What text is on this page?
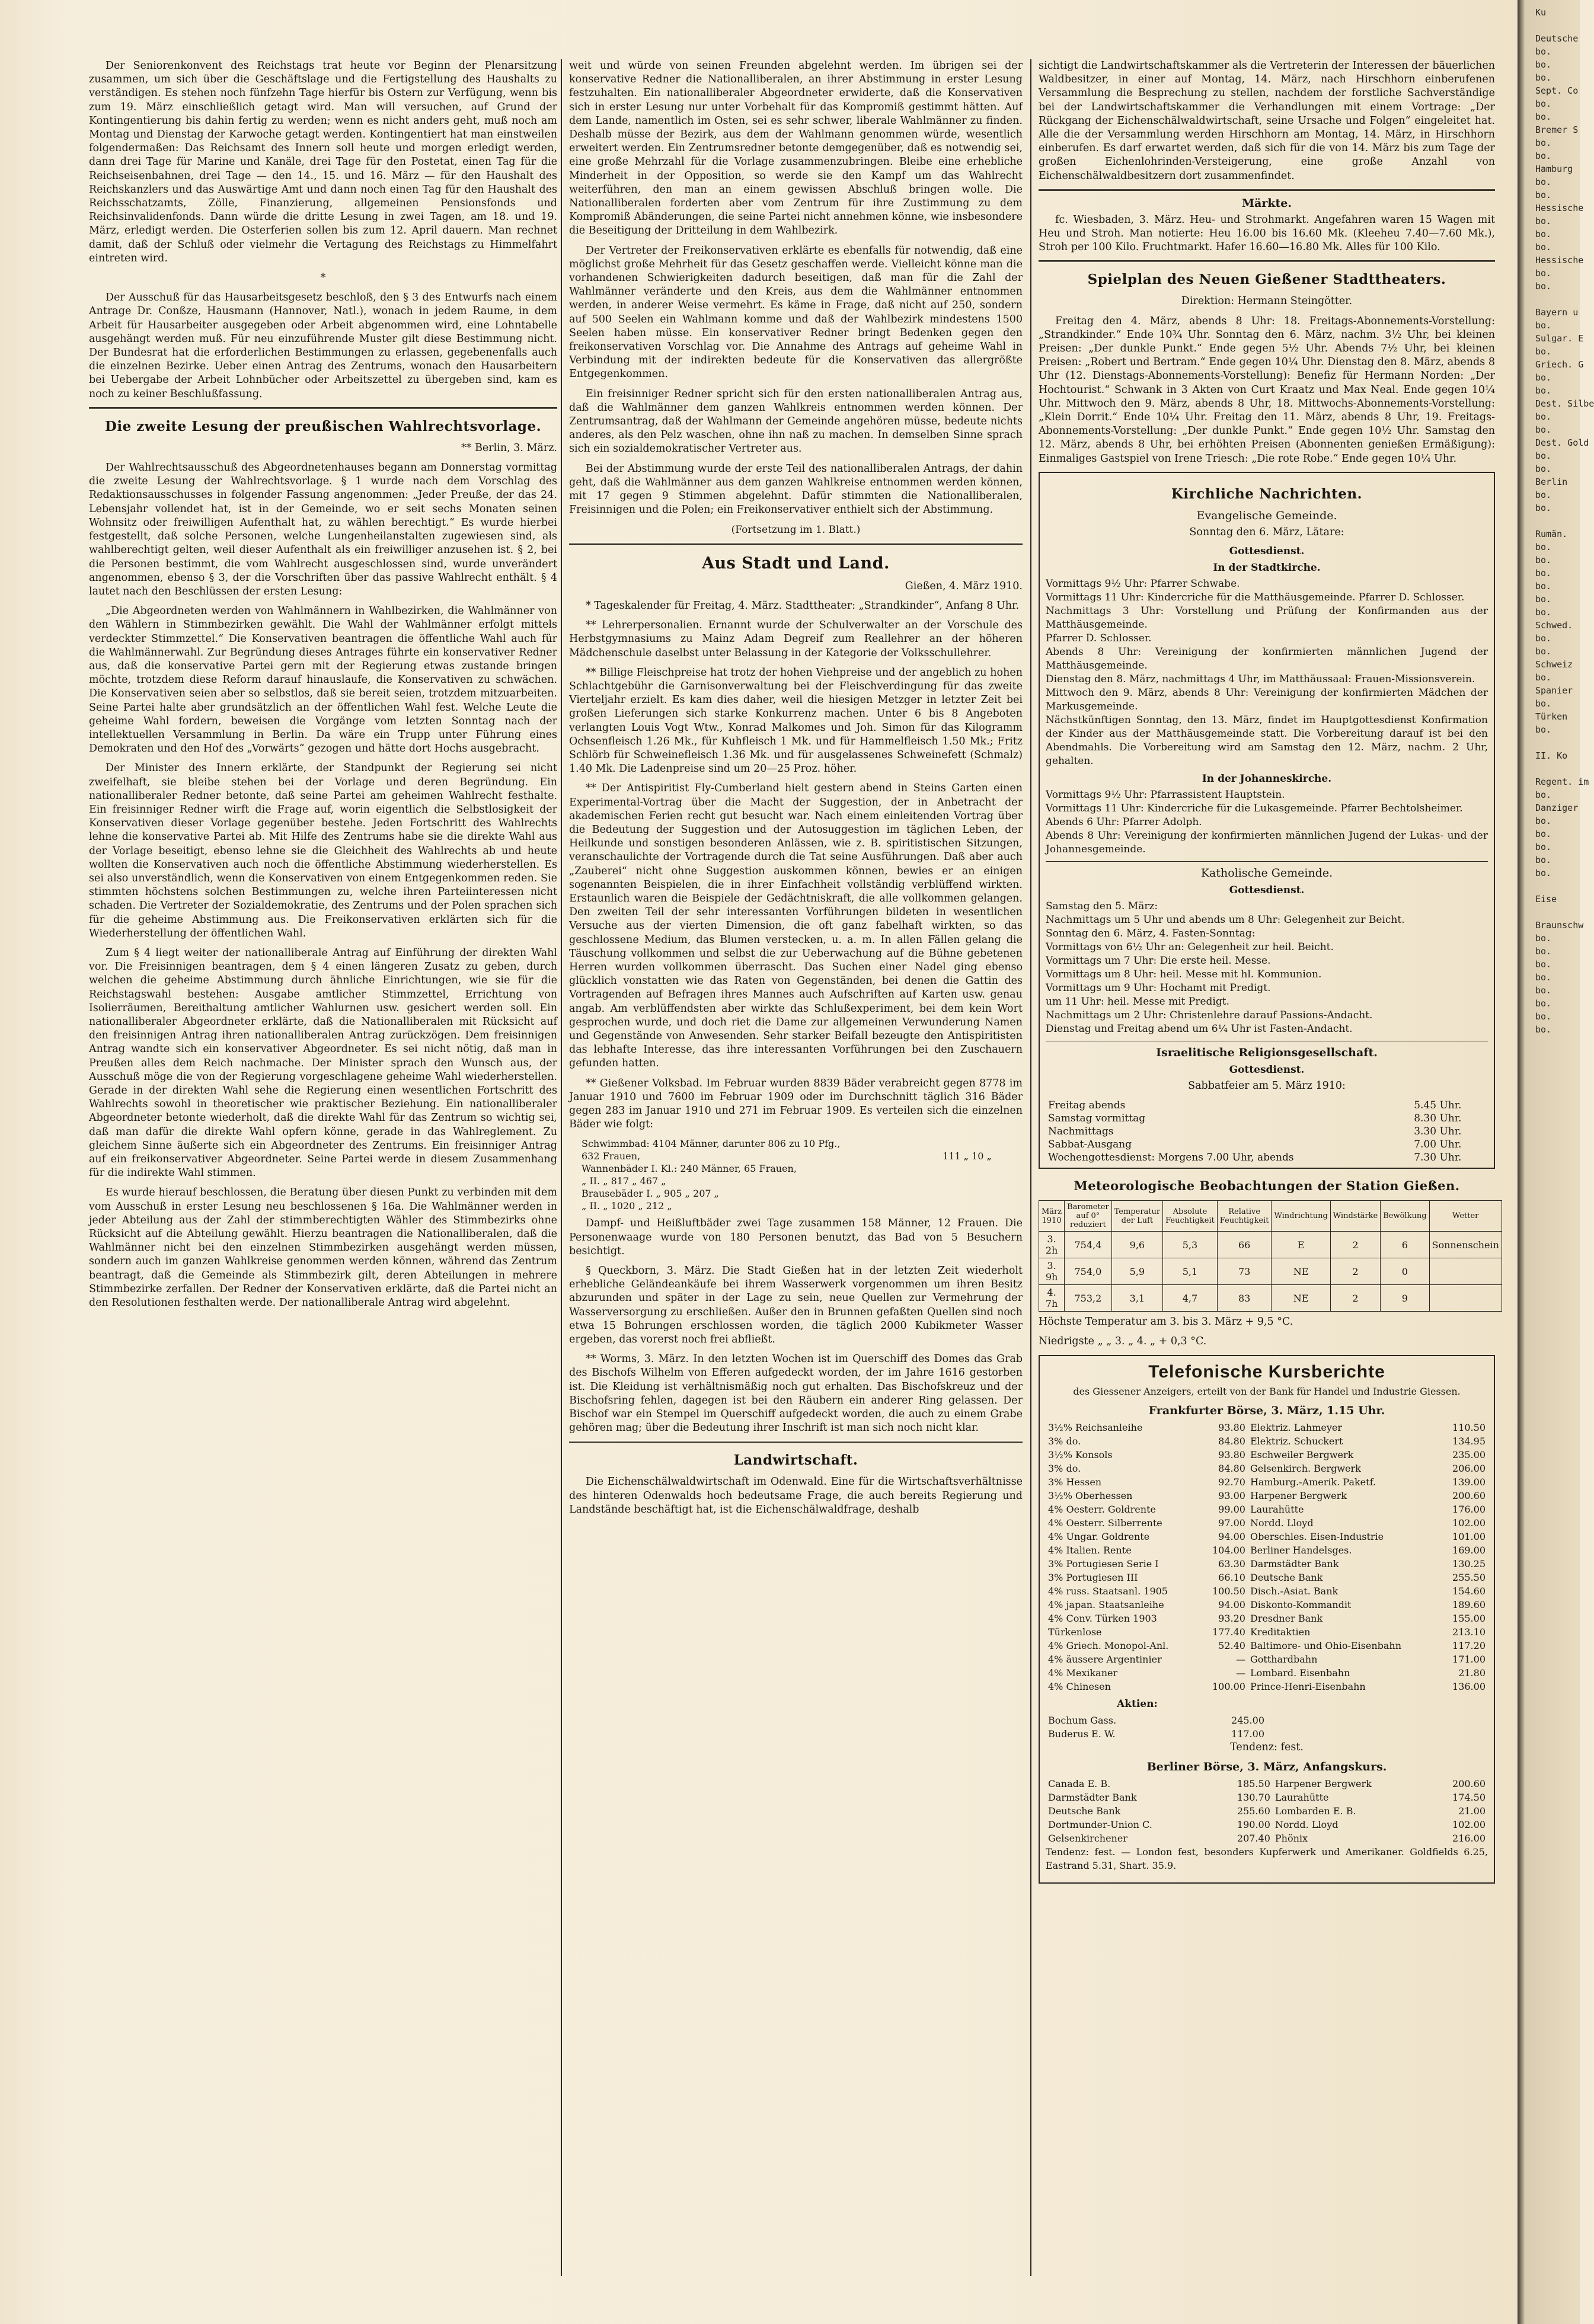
Der Seniorenkonvent des Reichstags trat heute vor Beginn der Plenarsitzung zusammen, um sich über die Geschäftslage und die Fertigstellung des Haushalts zu verständigen. Es stehen noch fünfzehn Tage hierfür bis Ostern zur Verfügung, wenn bis zum 19. März einschließlich getagt wird. Man will versuchen, auf Grund der Kontingentierung bis dahin fertig zu werden; wenn es nicht anders geht, muß noch am Montag und Dienstag der Karwoche getagt werden. Kontingentiert hat man einstweilen folgendermaßen: Das Reichsamt des Innern soll heute und morgen erledigt werden, dann drei Tage für Marine und Kanäle, drei Tage für den Postetat, einen Tag für die Reichseisenbahnen, drei Tage — den 14., 15. und 16. März — für den Haushalt des Reichskanzlers und das Auswärtige Amt und dann noch einen Tag für den Haushalt des Reichsschatzamts, Zölle, Finanzierung, allgemeinen Pensionsfonds und Reichsinvalidenfonds. Dann würde die dritte Lesung in zwei Tagen, am 18. und 19. März, erledigt werden. Die Osterferien sollen bis zum 12. April dauern. Man rechnet damit, daß der Schluß oder vielmehr die Vertagung des Reichstags zu Himmelfahrt eintreten wird.

*

Der Ausschuß für das Hausarbeitsgesetz beschloß, den § 3 des Entwurfs nach einem Antrage Dr. Conßze, Hausmann (Hannover, Natl.), wonach in jedem Raume, in dem Arbeit für Hausarbeiter ausgegeben oder Arbeit abgenommen wird, eine Lohntabelle ausgehängt werden muß. Für neu einzuführende Muster gilt diese Bestimmung nicht. Der Bundesrat hat die erforderlichen Bestimmungen zu erlassen, gegebenenfalls auch die einzelnen Bezirke. Ueber einen Antrag des Zentrums, wonach den Hausarbeitern bei Uebergabe der Arbeit Lohnbücher oder Arbeitszettel zu übergeben sind, kam es noch zu keiner Beschlußfassung.

Die zweite Lesung der preußischen Wahlrechtsvorlage.

** Berlin, 3. März.

Der Wahlrechtsausschuß des Abgeordnetenhauses begann am Donnerstag vormittag die zweite Lesung der Wahlrechtsvorlage. § 1 wurde nach dem Vorschlag des Redaktionsausschusses in folgender Fassung angenommen: „Jeder Preuße, der das 24. Lebensjahr vollendet hat, ist in der Gemeinde, wo er seit sechs Monaten seinen Wohnsitz oder freiwilligen Aufenthalt hat, zu wählen berechtigt.“ Es wurde hierbei festgestellt, daß solche Personen, welche Lungenheilanstalten zugewiesen sind, als wahlberechtigt gelten, weil dieser Aufenthalt als ein freiwilliger anzusehen ist. § 2, bei die Personen bestimmt, die vom Wahlrecht ausgeschlossen sind, wurde unverändert angenommen, ebenso § 3, der die Vorschriften über das passive Wahlrecht enthält. § 4 lautet nach den Beschlüssen der ersten Lesung:

„Die Abgeordneten werden von Wahlmännern in Wahlbezirken, die Wahlmänner von den Wählern in Stimmbezirken gewählt. Die Wahl der Wahlmänner erfolgt mittels verdeckter Stimmzettel.“ Die Konservativen beantragen die öffentliche Wahl auch für die Wahlmännerwahl. Zur Begründung dieses Antrages führte ein konservativer Redner aus, daß die konservative Partei gern mit der Regierung etwas zustande bringen möchte, trotzdem diese Reform darauf hinauslaufe, die Konservativen zu schwächen. Die Konservativen seien aber so selbstlos, daß sie bereit seien, trotzdem mitzuarbeiten. Seine Partei halte aber grundsätzlich an der öffentlichen Wahl fest. Welche Leute die geheime Wahl fordern, beweisen die Vorgänge vom letzten Sonntag nach der intellektuellen Versammlung in Berlin. Da wäre ein Trupp unter Führung eines Demokraten und den Hof des „Vorwärts“ gezogen und hätte dort Hochs ausgebracht.

Der Minister des Innern erklärte, der Standpunkt der Regierung sei nicht zweifelhaft, sie bleibe stehen bei der Vorlage und deren Begründung. Ein nationalliberaler Redner betonte, daß seine Partei am geheimen Wahlrecht festhalte. Ein freisinniger Redner wirft die Frage auf, worin eigentlich die Selbstlosigkeit der Konservativen dieser Vorlage gegenüber bestehe. Jeden Fortschritt des Wahlrechts lehne die konservative Partei ab. Mit Hilfe des Zentrums habe sie die direkte Wahl aus der Vorlage beseitigt, ebenso lehne sie die Gleichheit des Wahlrechts ab und heute wollten die Konservativen auch noch die öffentliche Abstimmung wiederherstellen. Es sei also unverständlich, wenn die Konservativen von einem Entgegenkommen reden. Sie stimmten höchstens solchen Bestimmungen zu, welche ihren Parteiinteressen nicht schaden. Die Vertreter der Sozialdemokratie, des Zentrums und der Polen sprachen sich für die geheime Abstimmung aus. Die Freikonservativen erklärten sich für die Wiederherstellung der öffentlichen Wahl.

Zum § 4 liegt weiter der nationalliberale Antrag auf Einführung der direkten Wahl vor. Die Freisinnigen beantragen, dem § 4 einen längeren Zusatz zu geben, durch welchen die geheime Abstimmung durch ähnliche Einrichtungen, wie sie für die Reichstagswahl bestehen: Ausgabe amtlicher Stimmzettel, Errichtung von Isolierräumen, Bereithaltung amtlicher Wahlurnen usw. gesichert werden soll. Ein nationalliberaler Abgeordneter erklärte, daß die Nationalliberalen mit Rücksicht auf den freisinnigen Antrag ihren nationalliberalen Antrag zurückzögen. Dem freisinnigen Antrag wandte sich ein konservativer Abgeordneter. Es sei nicht nötig, daß man in Preußen alles dem Reich nachmache. Der Minister sprach den Wunsch aus, der Ausschuß möge die von der Regierung vorgeschlagene geheime Wahl wiederherstellen. Gerade in der direkten Wahl sehe die Regierung einen wesentlichen Fortschritt des Wahlrechts sowohl in theoretischer wie praktischer Beziehung. Ein nationalliberaler Abgeordneter betonte wiederholt, daß die direkte Wahl für das Zentrum so wichtig sei, daß man dafür die direkte Wahl opfern könne, gerade in das Wahlreglement. Zu gleichem Sinne äußerte sich ein Abgeordneter des Zentrums. Ein freisinniger Antrag auf ein freikonservativer Abgeordneter. Seine Partei werde in diesem Zusammenhang für die indirekte Wahl stimmen.

Es wurde hierauf beschlossen, die Beratung über diesen Punkt zu verbinden mit dem vom Ausschuß in erster Lesung neu beschlossenen § 16a. Die Wahlmänner werden in jeder Abteilung aus der Zahl der stimmberechtigten Wähler des Stimmbezirks ohne Rücksicht auf die Abteilung gewählt. Hierzu beantragen die Nationalliberalen, daß die Wahlmänner nicht bei den einzelnen Stimmbezirken ausgehängt werden müssen, sondern auch im ganzen Wahlkreise genommen werden können, während das Zentrum beantragt, daß die Gemeinde als Stimmbezirk gilt, deren Abteilungen in mehrere Stimmbezirke zerfallen. Der Redner der Konservativen erklärte, daß die Partei nicht an den Resolutionen festhalten werde. Der nationalliberale Antrag wird abgelehnt.

weit und würde von seinen Freunden abgelehnt werden. Im übrigen sei der konservative Redner die Nationalliberalen, an ihrer Abstimmung in erster Lesung festzuhalten. Ein nationalliberaler Abgeordneter erwiderte, daß die Konservativen sich in erster Lesung nur unter Vorbehalt für das Kompromiß gestimmt hätten. Auf dem Lande, namentlich im Osten, sei es sehr schwer, liberale Wahlmänner zu finden. Deshalb müsse der Bezirk, aus dem der Wahlmann genommen würde, wesentlich erweitert werden. Ein Zentrumsredner betonte demgegenüber, daß es notwendig sei, eine große Mehrzahl für die Vorlage zusammenzubringen. Bleibe eine erhebliche Minderheit in der Opposition, so werde sie den Kampf um das Wahlrecht weiterführen, den man an einem gewissen Abschluß bringen wolle. Die Nationalliberalen forderten aber vom Zentrum für ihre Zustimmung zu dem Kompromiß Abänderungen, die seine Partei nicht annehmen könne, wie insbesondere die Beseitigung der Dritteilung in dem Wahlbezirk.

Der Vertreter der Freikonservativen erklärte es ebenfalls für notwendig, daß eine möglichst große Mehrheit für das Gesetz geschaffen werde. Vielleicht könne man die vorhandenen Schwierigkeiten dadurch beseitigen, daß man für die Zahl der Wahlmänner veränderte und den Kreis, aus dem die Wahlmänner entnommen werden, in anderer Weise vermehrt. Es käme in Frage, daß nicht auf 250, sondern auf 500 Seelen ein Wahlmann komme und daß der Wahlbezirk mindestens 1500 Seelen haben müsse. Ein konservativer Redner bringt Bedenken gegen den freikonservativen Vorschlag vor. Die Annahme des Antrags auf geheime Wahl in Verbindung mit der indirekten bedeute für die Konservativen das allergrößte Entgegenkommen.

Ein freisinniger Redner spricht sich für den ersten nationalliberalen Antrag aus, daß die Wahlmänner dem ganzen Wahlkreis entnommen werden können. Der Zentrumsantrag, daß der Wahlmann der Gemeinde angehören müsse, bedeute nichts anderes, als den Pelz waschen, ohne ihn naß zu machen. In demselben Sinne sprach sich ein sozialdemokratischer Vertreter aus.

Bei der Abstimmung wurde der erste Teil des nationalliberalen Antrags, der dahin geht, daß die Wahlmänner aus dem ganzen Wahlkreise entnommen werden können, mit 17 gegen 9 Stimmen abgelehnt. Dafür stimmten die Nationalliberalen, Freisinnigen und die Polen; ein Freikonservativer enthielt sich der Abstimmung.

(Fortsetzung im 1. Blatt.)

Aus Stadt und Land.

Gießen, 4. März 1910.

* Tageskalender für Freitag, 4. März. Stadttheater: „Strandkinder“, Anfang 8 Uhr.

** Lehrerpersonalien. Ernannt wurde der Schulverwalter an der Vorschule des Herbstgymnasiums zu Mainz Adam Degreif zum Reallehrer an der höheren Mädchenschule daselbst unter Belassung in der Kategorie der Volksschullehrer.

** Billige Fleischpreise hat trotz der hohen Viehpreise und der angeblich zu hohen Schlachtgebühr die Garnisonverwaltung bei der Fleischverdingung für das zweite Vierteljahr erzielt. Es kam dies daher, weil die hiesigen Metzger in letzter Zeit bei großen Lieferungen sich starke Konkurrenz machen. Unter 6 bis 8 Angeboten verlangten Louis Vogt Wtw., Konrad Malkomes und Joh. Simon für das Kilogramm Ochsenfleisch 1.26 Mk., für Kuhfleisch 1 Mk. und für Hammelfleisch 1.50 Mk.; Fritz Schlörb für Schweinefleisch 1.36 Mk. und für ausgelassenes Schweinefett (Schmalz) 1.40 Mk. Die Ladenpreise sind um 20—25 Proz. höher.

** Der Antispiritist Fly-Cumberland hielt gestern abend in Steins Garten einen Experimental-Vortrag über die Macht der Suggestion, der in Anbetracht der akademischen Ferien recht gut besucht war. Nach einem einleitenden Vortrag über die Bedeutung der Suggestion und der Autosuggestion im täglichen Leben, der Heilkunde und sonstigen besonderen Anlässen, wie z. B. spiritistischen Sitzungen, veranschaulichte der Vortragende durch die Tat seine Ausführungen. Daß aber auch „Zauberei“ nicht ohne Suggestion auskommen können, bewies er an einigen sogenannten Beispielen, die in ihrer Einfachheit vollständig verblüffend wirkten. Erstaunlich waren die Beispiele der Gedächtniskraft, die alle vollkommen gelangen. Den zweiten Teil der sehr interessanten Vorführungen bildeten in wesentlichen Versuche aus der vierten Dimension, die oft ganz fabelhaft wirkten, so das geschlossene Medium, das Blumen verstecken, u. a. m. In allen Fällen gelang die Täuschung vollkommen und selbst die zur Ueberwachung auf die Bühne gebetenen Herren wurden vollkommen überrascht. Das Suchen einer Nadel ging ebenso glücklich vonstatten wie das Raten von Gegenständen, bei denen die Gattin des Vortragenden auf Befragen ihres Mannes auch Aufschriften auf Karten usw. genau angab. Am verblüffendsten aber wirkte das Schlußexperiment, bei dem kein Wort gesprochen wurde, und doch riet die Dame zur allgemeinen Verwunderung Namen und Gegenstände von Anwesenden. Sehr starker Beifall bezeugte den Antispiritisten das lebhafte Interesse, das ihre interessanten Vorführungen bei den Zuschauern gefunden hatten.

** Gießener Volksbad. Im Februar wurden 8839 Bäder verabreicht gegen 8778 im Januar 1910 und 7600 im Februar 1909 oder im Durchschnitt täglich 316 Bäder gegen 283 im Januar 1910 und 271 im Februar 1909. Es verteilen sich die einzelnen Bäder wie folgt:

Schwimmbad: 4104 Männer, darunter 806 zu 10 Pfg.,	
632 Frauen,	111 „ 10 „
Wannenbäder I. Kl.: 240 Männer, 65 Frauen,	
„ II. „ 817 „ 467 „	
Brausebäder I. „ 905 „ 207 „	
„ II. „ 1020 „ 212 „	

Dampf- und Heißluftbäder zwei Tage zusammen 158 Männer, 12 Frauen. Die Personenwaage wurde von 180 Personen benutzt, das Bad von 5 Besuchern besichtigt.

§ Queckborn, 3. März. Die Stadt Gießen hat in der letzten Zeit wiederholt erhebliche Geländeankäufe bei ihrem Wasserwerk vorgenommen um ihren Besitz abzurunden und später in der Lage zu sein, neue Quellen zur Vermehrung der Wasserversorgung zu erschließen. Außer den in Brunnen gefaßten Quellen sind noch etwa 15 Bohrungen erschlossen worden, die täglich 2000 Kubikmeter Wasser ergeben, das vorerst noch frei abfließt.

** Worms, 3. März. In den letzten Wochen ist im Querschiff des Domes das Grab des Bischofs Wilhelm von Efferen aufgedeckt worden, der im Jahre 1616 gestorben ist. Die Kleidung ist verhältnismäßig noch gut erhalten. Das Bischofskreuz und der Bischofsring fehlen, dagegen ist bei den Räubern ein anderer Ring gelassen. Der Bischof war ein Stempel im Querschiff aufgedeckt worden, die auch zu einem Grabe gehören mag; über die Bedeutung ihrer Inschrift ist man sich noch nicht klar.

Landwirtschaft.

Die Eichenschälwaldwirtschaft im Odenwald. Eine für die Wirtschaftsverhältnisse des hinteren Odenwalds hoch bedeutsame Frage, die auch bereits Regierung und Landstände beschäftigt hat, ist die Eichenschälwaldfrage, deshalb

sichtigt die Landwirtschaftskammer als die Vertreterin der Interessen der bäuerlichen Waldbesitzer, in einer auf Montag, 14. März, nach Hirschhorn einberufenen Versammlung die Besprechung zu stellen, nachdem der forstliche Sachverständige bei der Landwirtschaftskammer die Verhandlungen mit einem Vortrage: „Der Rückgang der Eichenschälwaldwirtschaft, seine Ursache und Folgen“ eingeleitet hat. Alle die der Versammlung werden Hirschhorn am Montag, 14. März, in Hirschhorn einberufen. Es darf erwartet werden, daß sich für die von 14. März bis zum Tage der großen Eichenlohrinden-Versteigerung, eine große Anzahl von Eichenschälwaldbesitzern dort zusammenfindet.

Märkte.

fc. Wiesbaden, 3. März. Heu- und Strohmarkt. Angefahren waren 15 Wagen mit Heu und Stroh. Man notierte: Heu 16.00 bis 16.60 Mk. (Kleeheu 7.40—7.60 Mk.), Stroh per 100 Kilo. Fruchtmarkt. Hafer 16.60—16.80 Mk. Alles für 100 Kilo.

Spielplan des Neuen Gießener Stadttheaters.

Direktion: Hermann Steingötter.

Freitag den 4. März, abends 8 Uhr: 18. Freitags-Abonnements-Vorstellung: „Strandkinder.“ Ende 10¾ Uhr. Sonntag den 6. März, nachm. 3½ Uhr, bei kleinen Preisen: „Der dunkle Punkt.“ Ende gegen 5½ Uhr. Abends 7½ Uhr, bei kleinen Preisen: „Robert und Bertram.“ Ende gegen 10¼ Uhr. Dienstag den 8. März, abends 8 Uhr (12. Dienstags-Abonnements-Vorstellung): Benefiz für Hermann Norden: „Der Hochtourist.“ Schwank in 3 Akten von Curt Kraatz und Max Neal. Ende gegen 10¼ Uhr. Mittwoch den 9. März, abends 8 Uhr, 18. Mittwochs-Abonnements-Vorstellung: „Klein Dorrit.“ Ende 10¼ Uhr. Freitag den 11. März, abends 8 Uhr, 19. Freitags-Abonnements-Vorstellung: „Der dunkle Punkt.“ Ende gegen 10½ Uhr. Samstag den 12. März, abends 8 Uhr, bei erhöhten Preisen (Abonnenten genießen Ermäßigung): Einmaliges Gastspiel von Irene Triesch: „Die rote Robe.“ Ende gegen 10¼ Uhr.

Kirchliche Nachrichten.
Evangelische Gemeinde.

Sonntag den 6. März, Lätare:

Gottesdienst.
In der Stadtkirche.

Vormittags 9½ Uhr: Pfarrer Schwabe.

Vormittags 11 Uhr: Kindercriche für die Matthäusgemeinde. Pfarrer D. Schlosser.

Nachmittags 3 Uhr: Vorstellung und Prüfung der Konfirmanden aus der Matthäusgemeinde.

Pfarrer D. Schlosser.

Abends 8 Uhr: Vereinigung der konfirmierten männlichen Jugend der Matthäusgemeinde.

Dienstag den 8. März, nachmittags 4 Uhr, im Matthäussaal: Frauen-Missionsverein.

Mittwoch den 9. März, abends 8 Uhr: Vereinigung der konfirmierten Mädchen der Markusgemeinde.

Nächstkünftigen Sonntag, den 13. März, findet im Hauptgottesdienst Konfirmation der Kinder aus der Matthäusgemeinde statt. Die Vorbereitung darauf ist bei den Abendmahls. Die Vorbereitung wird am Samstag den 12. März, nachm. 2 Uhr, gehalten.

In der Johanneskirche.

Vormittags 9½ Uhr: Pfarrassistent Hauptstein.

Vormittags 11 Uhr: Kindercriche für die Lukasgemeinde. Pfarrer Bechtolsheimer.

Abends 6 Uhr: Pfarrer Adolph.

Abends 8 Uhr: Vereinigung der konfirmierten männlichen Jugend der Lukas- und der Johannesgemeinde.

Katholische Gemeinde.
Gottesdienst.

Samstag den 5. März:

Nachmittags um 5 Uhr und abends um 8 Uhr: Gelegenheit zur Beicht.

Sonntag den 6. März, 4. Fasten-Sonntag:

Vormittags von 6½ Uhr an: Gelegenheit zur heil. Beicht.

Vormittags um 7 Uhr: Die erste heil. Messe.

Vormittags um 8 Uhr: heil. Messe mit hl. Kommunion.

Vormittags um 9 Uhr: Hochamt mit Predigt.

um 11 Uhr: heil. Messe mit Predigt.

Nachmittags um 2 Uhr: Christenlehre darauf Passions-Andacht.

Dienstag und Freitag abend um 6¼ Uhr ist Fasten-Andacht.

Israelitische Religionsgesellschaft.
Gottesdienst.

Sabbatfeier am 5. März 1910:

Freitag abends	5.45 Uhr.
Samstag vormittag	8.30 Uhr.
Nachmittags	3.30 Uhr.
Sabbat-Ausgang	7.00 Uhr.
Wochengottesdienst: Morgens 7.00 Uhr, abends	7.30 Uhr.
Meteorologische Beobachtungen der Station Gießen.
März 1910	Barometer auf 0° reduziert	Temperatur der Luft	Absolute Feuchtigkeit	Relative Feuchtigkeit	Windrichtung	Windstärke	Bewölkung	Wetter
3. 2h	754,4	9,6	5,3	66	E	2	6	Sonnenschein
3. 9h	754,0	5,9	5,1	73	NE	2	0	
4. 7h	753,2	3,1	4,7	83	NE	2	9	

Höchste Temperatur am 3. bis 3. März + 9,5 °C.

Niedrigste „ „ 3. „ 4. „ + 0,3 °C.

Telefonische Kursberichte

des Giessener Anzeigers, erteilt von der Bank für Handel und Industrie Giessen.

Frankfurter Börse, 3. März, 1.15 Uhr.
3½% Reichsanleihe	93.80	Elektriz. Lahmeyer	110.50
3% do.	84.80	Elektriz. Schuckert	134.95
3½% Konsols	93.80	Eschweiler Bergwerk	235.00
3% do.	84.80	Gelsenkirch. Bergwerk	206.00
3% Hessen	92.70	Hamburg.-Amerik. Paketf.	139.00
3½% Oberhessen	93.00	Harpener Bergwerk	200.60
4% Oesterr. Goldrente	99.00	Laurahütte	176.00
4% Oesterr. Silberrente	97.00	Nordd. Lloyd	102.00
4% Ungar. Goldrente	94.00	Oberschles. Eisen-Industrie	101.00
4% Italien. Rente	104.00	Berliner Handelsges.	169.00
3% Portugiesen Serie I	63.30	Darmstädter Bank	130.25
3% Portugiesen III	66.10	Deutsche Bank	255.50
4% russ. Staatsanl. 1905	100.50	Disch.-Asiat. Bank	154.60
4% japan. Staatsanleihe	94.00	Diskonto-Kommandit	189.60
4% Conv. Türken 1903	93.20	Dresdner Bank	155.00
Türkenlose	177.40	Kreditaktien	213.10
4% Griech. Monopol-Anl.	52.40	Baltimore- und Ohio-Eisenbahn	117.20
4% äussere Argentinier	—	Gotthardbahn	171.00
4% Mexikaner	—	Lombard. Eisenbahn	21.80
4% Chinesen	100.00	Prince-Henri-Eisenbahn	136.00
Aktien:
Bochum Gass.	245.00
Buderus E. W.	117.00

Tendenz: fest.

Berliner Börse, 3. März, Anfangskurs.
Canada E. B.	185.50	Harpener Bergwerk	200.60
Darmstädter Bank	130.70	Laurahütte	174.50
Deutsche Bank	255.60	Lombarden E. B.	21.00
Dortmunder-Union C.	190.00	Nordd. Lloyd	102.00
Gelsenkirchener	207.40	Phönix	216.00

Tendenz: fest. — London fest, besonders Kupferwerk und Amerikaner. Goldfields 6.25, Eastrand 5.31, Shart. 35.9.

Ku

Deutsche
bo.
bo.
bo.
Sept. Co
bo.
bo.
Bremer S
bo.
bo.
Hamburg
bo.
bo.
Hessische
bo.
bo.
bo.
Hessische
bo.
bo.

Bayern u
bo.
Sulgar. E
bo.
Griech. G
bo.
bo.
Dest. Silbe
bo.
bo.
Dest. Gold
bo.
bo.
Berlin
bo.
bo.

Rumän.
bo.
bo.
bo.
bo.
bo.
bo.
Schwed.
bo.
bo.
Schweiz
bo.
Spanier
bo.
Türken
bo.

II. Ko

Regent. im
bo.
Danziger
bo.
bo.
bo.
bo.
bo.

Eise

Braunschw
bo.
bo.
bo.
bo.
bo.
bo.
bo.
bo.
